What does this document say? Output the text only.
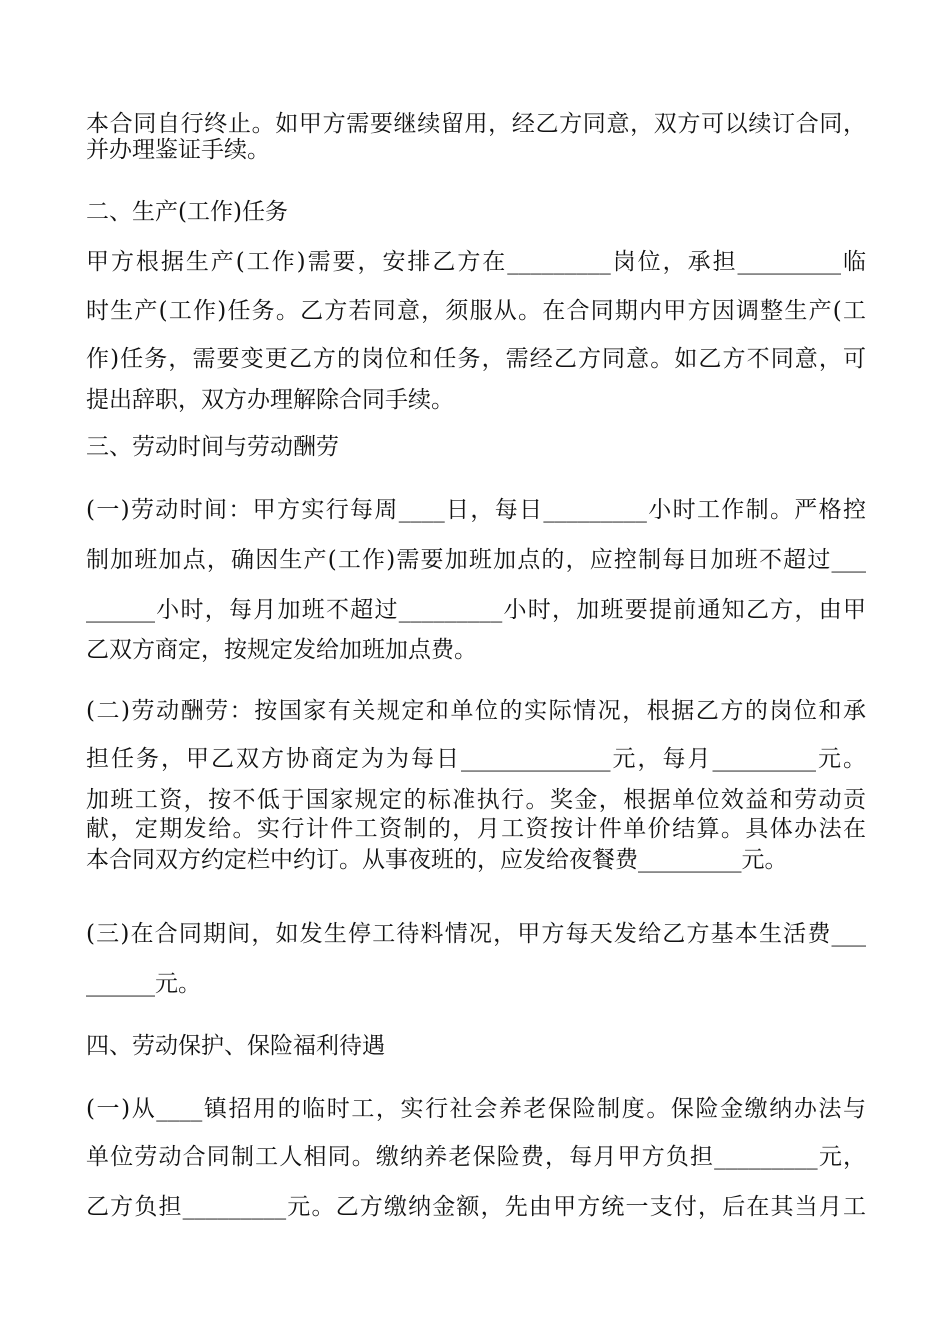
本合同自行终止。如甲方需要继续留用，经乙方同意，双方可以续订合同，
并办理鉴证手续。
二、生产(工作)任务
甲方根据生产(工作)需要，安排乙方在_________岗位，承担_________临
时生产(工作)任务。乙方若同意，须服从。在合同期内甲方因调整生产(工
作)任务，需要变更乙方的岗位和任务，需经乙方同意。如乙方不同意，可
提出辞职，双方办理解除合同手续。
三、劳动时间与劳动酬劳
(一)劳动时间：甲方实行每周____日，每日_________小时工作制。严格控
制加班加点，确因生产(工作)需要加班加点的，应控制每日加班不超过___
______小时，每月加班不超过_________小时，加班要提前通知乙方，由甲
乙双方商定，按规定发给加班加点费。
(二)劳动酬劳：按国家有关规定和单位的实际情况，根据乙方的岗位和承
担任务，甲乙双方协商定为为每日_____________元，每月_________元。
加班工资，按不低于国家规定的标准执行。奖金，根据单位效益和劳动贡
献，定期发给。实行计件工资制的，月工资按计件单价结算。具体办法在
本合同双方约定栏中约订。从事夜班的，应发给夜餐费_________元。
(三)在合同期间，如发生停工待料情况，甲方每天发给乙方基本生活费___
______元。
四、劳动保护、保险福利待遇
(一)从____镇招用的临时工，实行社会养老保险制度。保险金缴纳办法与
单位劳动合同制工人相同。缴纳养老保险费，每月甲方负担_________元，
乙方负担_________元。乙方缴纳金额，先由甲方统一支付，后在其当月工
